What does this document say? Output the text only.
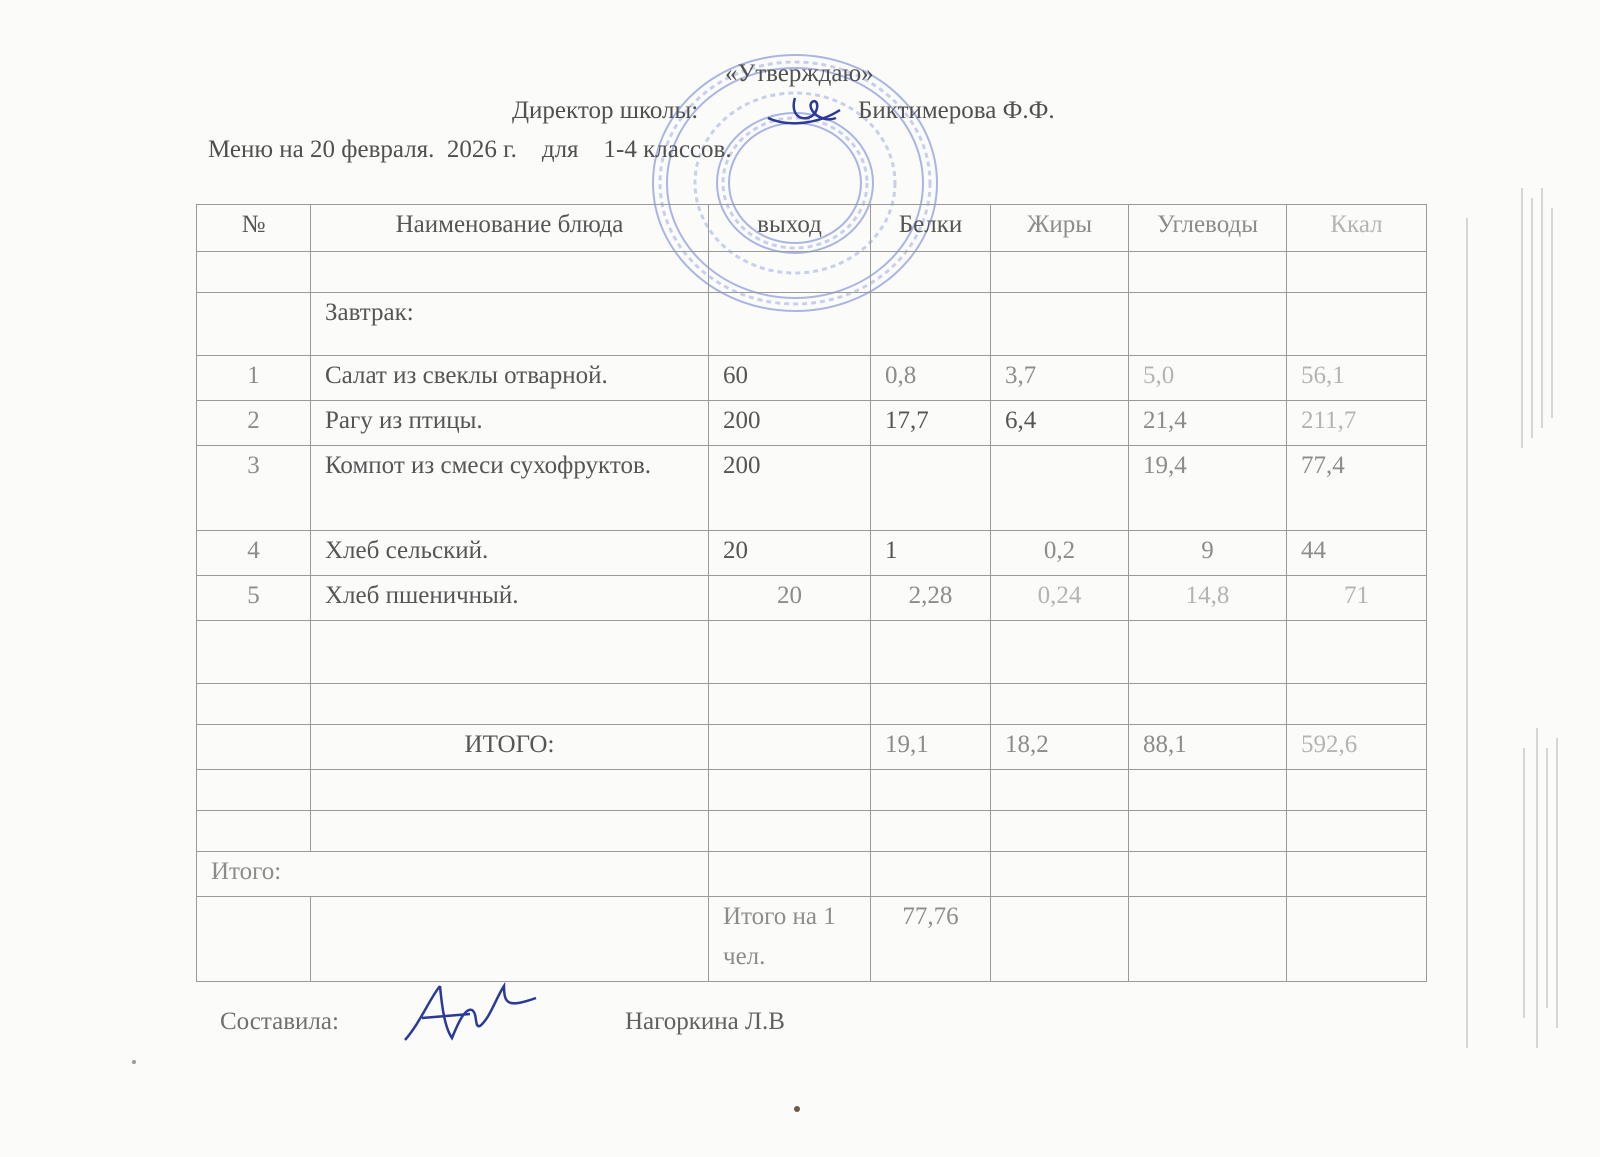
«Утверждаю»
Директор школы:	Биктимерова Ф.Ф.
Меню на 20 февраля.  2026 г.    для    1-4 классов.
№	Наименование блюда	выход	Белки	Жиры	Углеводы	Ккал

	Завтрак:					
1	Салат из свеклы отварной.	60	0,8	3,7	5,0	56,1
2	Рагу из птицы.	200	17,7	6,4	21,4	211,7
3	Компот из смеси сухофруктов.	200			19,4	77,4
4	Хлеб сельский.	20	1	0,2	9	44
5	Хлеб пшеничный.	20	2,28	0,24	14,8	71

	ИТОГО:		19,1	18,2	88,1	592,6

Итого:						
		Итого на 1 чел.	77,76			
Составила:	Нагоркина Л.В
